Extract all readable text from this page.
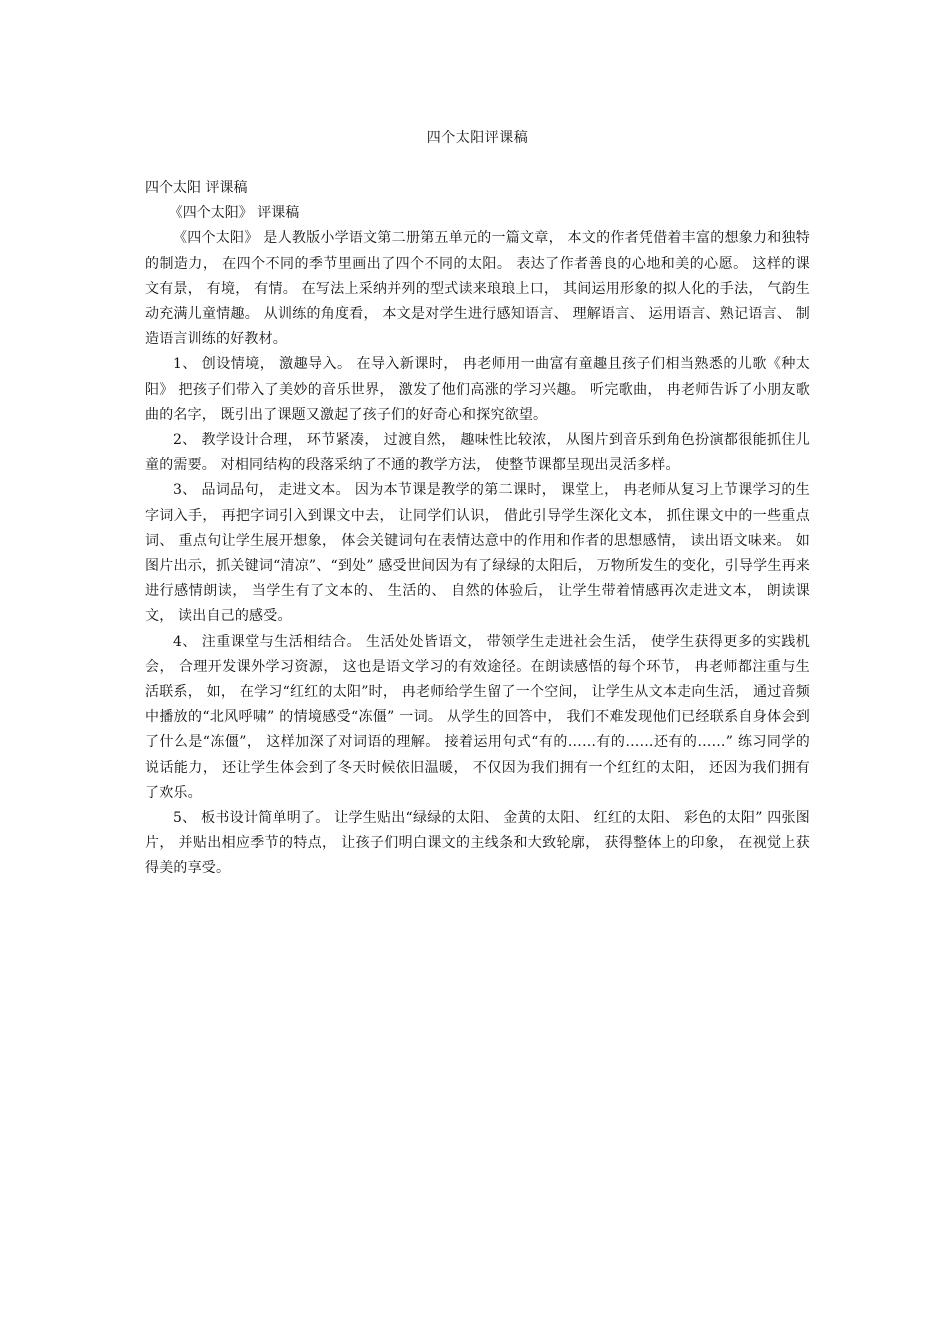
四个太阳评课稿

四个太阳 评课稿

《四个太阳》 评课稿

《四个太阳》 是人教版小学语文第二册第五单元的一篇文章， 本文的作者凭借着丰富的想象力和独特的制造力， 在四个不同的季节里画出了四个不同的太阳。 表达了作者善良的心地和美的心愿。 这样的课文有景， 有境， 有情。 在写法上采纳并列的型式读来琅琅上口， 其间运用形象的拟人化的手法， 气韵生动充满儿童情趣。 从训练的角度看， 本文是对学生进行感知语言、 理解语言、 运用语言、熟记语言、 制造语言训练的好教材。

1、 创设情境， 激趣导入。 在导入新课时， 冉老师用一曲富有童趣且孩子们相当熟悉的儿歌《种太阳》 把孩子们带入了美妙的音乐世界， 激发了他们高涨的学习兴趣。 听完歌曲， 冉老师告诉了小朋友歌曲的名字， 既引出了课题又激起了孩子们的好奇心和探究欲望。

2、 教学设计合理， 环节紧凑， 过渡自然， 趣味性比较浓， 从图片到音乐到角色扮演都很能抓住儿童的需要。 对相同结构的段落采纳了不通的教学方法， 使整节课都呈现出灵活多样。

3、 品词品句， 走进文本。 因为本节课是教学的第二课时， 课堂上， 冉老师从复习上节课学习的生字词入手， 再把字词引入到课文中去， 让同学们认识， 借此引导学生深化文本， 抓住课文中的一些重点词、 重点句让学生展开想象， 体会关键词句在表情达意中的作用和作者的思想感情， 读出语文味来。 如图片出示，抓关键词“清凉”、“到处” 感受世间因为有了绿绿的太阳后， 万物所发生的变化，引导学生再来进行感情朗读， 当学生有了文本的、 生活的、 自然的体验后， 让学生带着情感再次走进文本， 朗读课文， 读出自己的感受。

4、 注重课堂与生活相结合。 生活处处皆语文， 带领学生走进社会生活， 使学生获得更多的实践机会， 合理开发课外学习资源， 这也是语文学习的有效途径。在朗读感悟的每个环节， 冉老师都注重与生活联系， 如， 在学习“红红的太阳”时， 冉老师给学生留了一个空间， 让学生从文本走向生活， 通过音频中播放的“北风呼啸” 的情境感受“冻僵” 一词。 从学生的回答中， 我们不难发现他们已经联系自身体会到了什么是“冻僵”， 这样加深了对词语的理解。 接着运用句式“有的……有的……还有的……” 练习同学的说话能力， 还让学生体会到了冬天时候依旧温暖， 不仅因为我们拥有一个红红的太阳， 还因为我们拥有了欢乐。

5、 板书设计简单明了。 让学生贴出“绿绿的太阳、 金黄的太阳、 红红的太阳、 彩色的太阳” 四张图片， 并贴出相应季节的特点， 让孩子们明白课文的主线条和大致轮廓， 获得整体上的印象， 在视觉上获得美的享受。
